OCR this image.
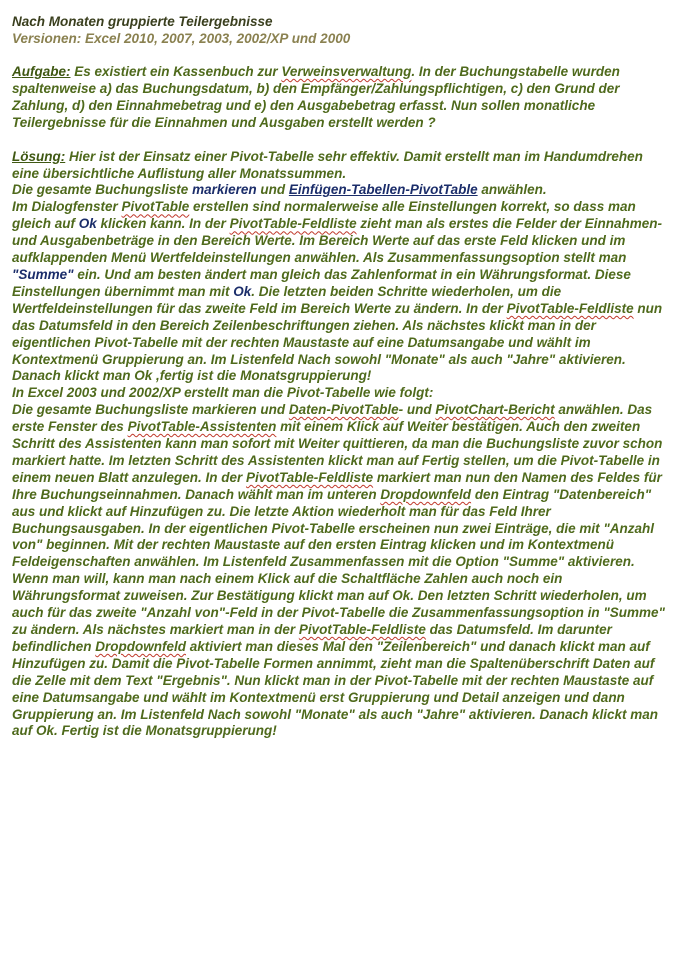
Nach Monaten gruppierte Teilergebnisse
Versionen: Excel 2010, 2007, 2003, 2002/XP und 2000

Aufgabe: Es existiert ein Kassenbuch zur Verweinsverwaltung. In der Buchungstabelle wurden spaltenweise a) das Buchungsdatum, b) den Empfänger/Zahlungspflichtigen, c) den Grund der Zahlung, d) den Einnahmebetrag und e) den Ausgabebetrag erfasst. Nun sollen monatliche Teilergebnisse für die Einnahmen und Ausgaben erstellt werden ?

Lösung: Hier ist der Einsatz einer Pivot-Tabelle sehr effektiv. Damit erstellt man im Handumdrehen eine übersichtliche Auflistung aller Monatssummen.

Die gesamte Buchungsliste markieren und Einfügen-Tabellen-PivotTable anwählen.

Im Dialogfenster PivotTable erstellen sind normalerweise alle Einstellungen korrekt, so dass man gleich auf Ok klicken kann. In der PivotTable-Feldliste zieht man als erstes die Felder der Einnahmen- und Ausgabenbeträge in den Bereich Werte. Im Bereich Werte auf das erste Feld klicken und im aufklappenden Menü Wertfeldeinstellungen anwählen. Als Zusammenfassungsoption stellt man "Summe" ein. Und am besten ändert man gleich das Zahlenformat in ein Währungsformat. Diese Einstellungen übernimmt man mit Ok. Die letzten beiden Schritte wiederholen, um die Wertfeldeinstellungen für das zweite Feld im Bereich Werte zu ändern. In der PivotTable-Feldliste nun das Datumsfeld in den Bereich Zeilenbeschriftungen ziehen. Als nächstes klickt man in der eigentlichen Pivot-Tabelle mit der rechten Maustaste auf eine Datumsangabe und wählt im Kontextmenü Gruppierung an. Im Listenfeld Nach sowohl "Monate" als auch "Jahre" aktivieren. Danach klickt man Ok ,fertig ist die Monatsgruppierung!

In Excel 2003 und 2002/XP erstellt man die Pivot-Tabelle wie folgt:

Die gesamte Buchungsliste markieren und Daten-PivotTable- und PivotChart-Bericht anwählen. Das erste Fenster des PivotTable-Assistenten mit einem Klick auf Weiter bestätigen. Auch den zweiten Schritt des Assistenten kann man sofort mit Weiter quittieren, da man die Buchungsliste zuvor schon markiert hatte. Im letzten Schritt des Assistenten klickt man auf Fertig stellen, um die Pivot-Tabelle in einem neuen Blatt anzulegen. In der PivotTable-Feldliste markiert man nun den Namen des Feldes für Ihre Buchungseinnahmen. Danach wählt man im unteren Dropdownfeld den Eintrag "Datenbereich" aus und klickt auf Hinzufügen zu. Die letzte Aktion wiederholt man für das Feld Ihrer Buchungsausgaben. In der eigentlichen Pivot-Tabelle erscheinen nun zwei Einträge, die mit "Anzahl von" beginnen. Mit der rechten Maustaste auf den ersten Eintrag klicken und im Kontextmenü Feldeigenschaften anwählen. Im Listenfeld Zusammenfassen mit die Option "Summe" aktivieren. Wenn man will, kann man nach einem Klick auf die Schaltfläche Zahlen auch noch ein Währungsformat zuweisen. Zur Bestätigung klickt man auf Ok. Den letzten Schritt wiederholen, um auch für das zweite "Anzahl von"-Feld in der Pivot-Tabelle die Zusammenfassungsoption in "Summe" zu ändern. Als nächstes markiert man in der PivotTable-Feldliste das Datumsfeld. Im darunter befindlichen Dropdownfeld aktiviert man dieses Mal den "Zeilenbereich" und danach klickt man auf Hinzufügen zu. Damit die Pivot-Tabelle Formen annimmt, zieht man die Spaltenüberschrift Daten auf die Zelle mit dem Text "Ergebnis". Nun klickt man in der Pivot-Tabelle mit der rechten Maustaste auf eine Datumsangabe und wählt im Kontextmenü erst Gruppierung und Detail anzeigen und dann Gruppierung an. Im Listenfeld Nach sowohl "Monate" als auch "Jahre" aktivieren. Danach klickt man auf Ok. Fertig ist die Monatsgruppierung!
